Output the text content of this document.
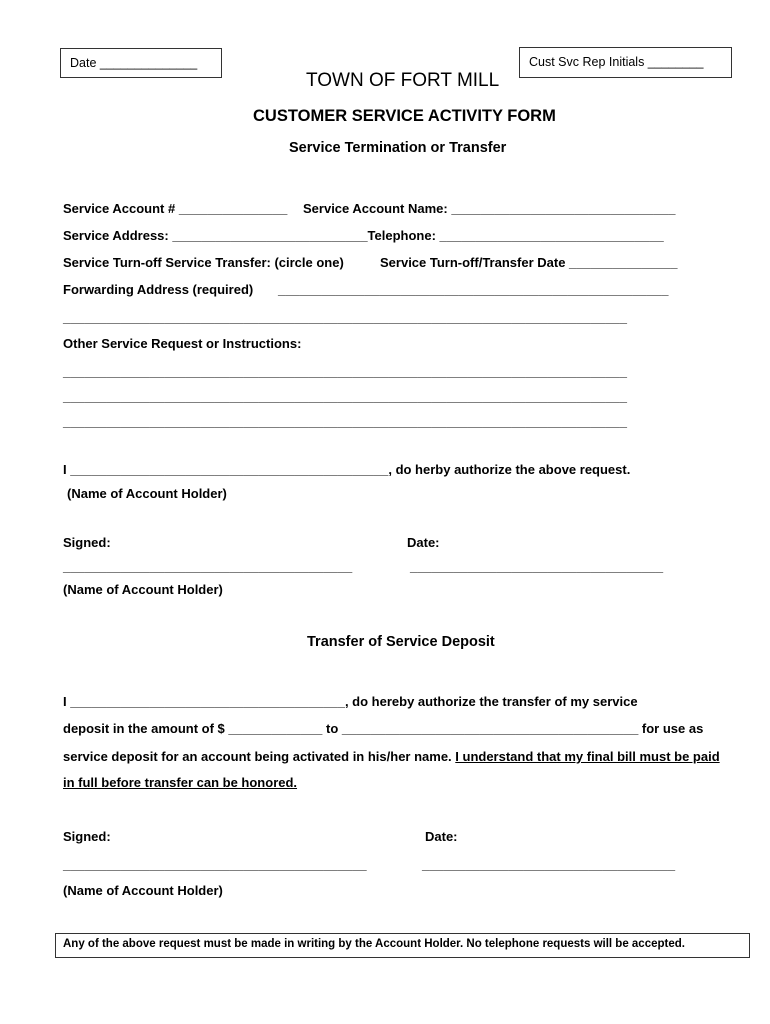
Date ______________	Cust Svc Rep Initials ________
TOWN OF FORT MILL
CUSTOMER SERVICE ACTIVITY FORM
Service Termination or Transfer
Service Account # _______________ Service Account Name: _______________________________
Service Address: ___________________________Telephone: _______________________________
Service Turn-off Service Transfer: (circle one)	Service Turn-off/Transfer Date _______________
Forwarding Address (required) ______________________________________________________
______________________________________________________________________________
Other Service Request or Instructions:
______________________________________________________________________________
______________________________________________________________________________
______________________________________________________________________________
I ____________________________________________, do herby authorize the above request.
(Name of Account Holder)
Signed:	Date:
________________________________________	___________________________________
(Name of Account Holder)
Transfer of Service Deposit
I ______________________________________, do hereby authorize the transfer of my service
deposit in the amount of $ _____________ to _________________________________________ for use as
service deposit for an account being activated in his/her name. I understand that my final bill must be paid
in full before transfer can be honored.
Signed:	Date:
__________________________________________	___________________________________
(Name of Account Holder)
Any of the above request must be made in writing by the Account Holder. No telephone requests will be accepted.
